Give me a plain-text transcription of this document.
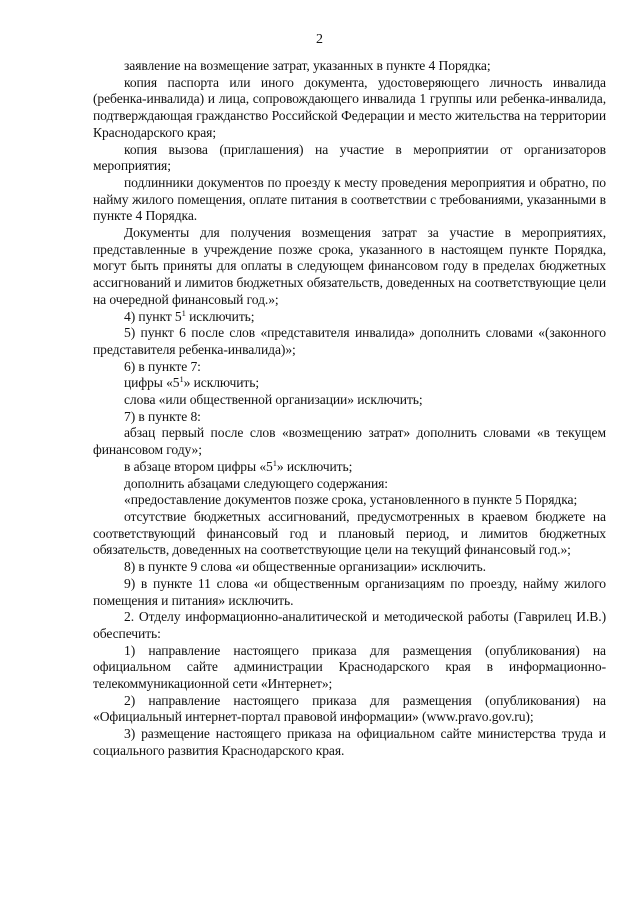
2

заявление на возмещение затрат, указанных в пункте 4 Порядка;

копия паспорта или иного документа, удостоверяющего личность инвалида (ребенка-инвалида) и лица, сопровождающего инвалида 1 группы или ребенка-инвалида, подтверждающая гражданство Российской Федерации и место жительства на территории Краснодарского края;

копия вызова (приглашения) на участие в мероприятии от организаторов мероприятия;

подлинники документов по проезду к месту проведения мероприятия и обратно, по найму жилого помещения, оплате питания в соответствии с требованиями, указанными в пункте 4 Порядка.

Документы для получения возмещения затрат за участие в мероприятиях, представленные в учреждение позже срока, указанного в настоящем пункте Порядка, могут быть приняты для оплаты в следующем финансовом году в пределах бюджетных ассигнований и лимитов бюджетных обязательств, доведенных на соответствующие цели на очередной финансовый год.»;

4) пункт $5^1$ исключить;

5) пункт 6 после слов «представителя инвалида» дополнить словами «(законного представителя ребенка-инвалида)»;

6) в пункте 7:

цифры «$5^1$» исключить;

слова «или общественной организации» исключить;

7) в пункте 8:

абзац первый после слов «возмещению затрат» дополнить словами «в текущем финансовом году»;

в абзаце втором цифры «$5^1$» исключить;

дополнить абзацами следующего содержания:

«предоставление документов позже срока, установленного в пункте 5 Порядка;

отсутствие бюджетных ассигнований, предусмотренных в краевом бюджете на соответствующий финансовый год и плановый период, и лимитов бюджетных обязательств, доведенных на соответствующие цели на текущий финансовый год.»;

8) в пункте 9 слова «и общественные организации» исключить.

9) в пункте 11 слова «и общественным организациям по проезду, найму жилого помещения и питания» исключить.

2. Отделу информационно-аналитической и методической работы (Гаврилец И.В.) обеспечить:

1) направление настоящего приказа для размещения (опубликования) на официальном сайте администрации Краснодарского края в информационно-телекоммуникационной сети «Интернет»;

2) направление настоящего приказа для размещения (опубликования) на «Официальный интернет-портал правовой информации» (www.pravo.gov.ru);

3) размещение настоящего приказа на официальном сайте министерства труда и социального развития Краснодарского края.
